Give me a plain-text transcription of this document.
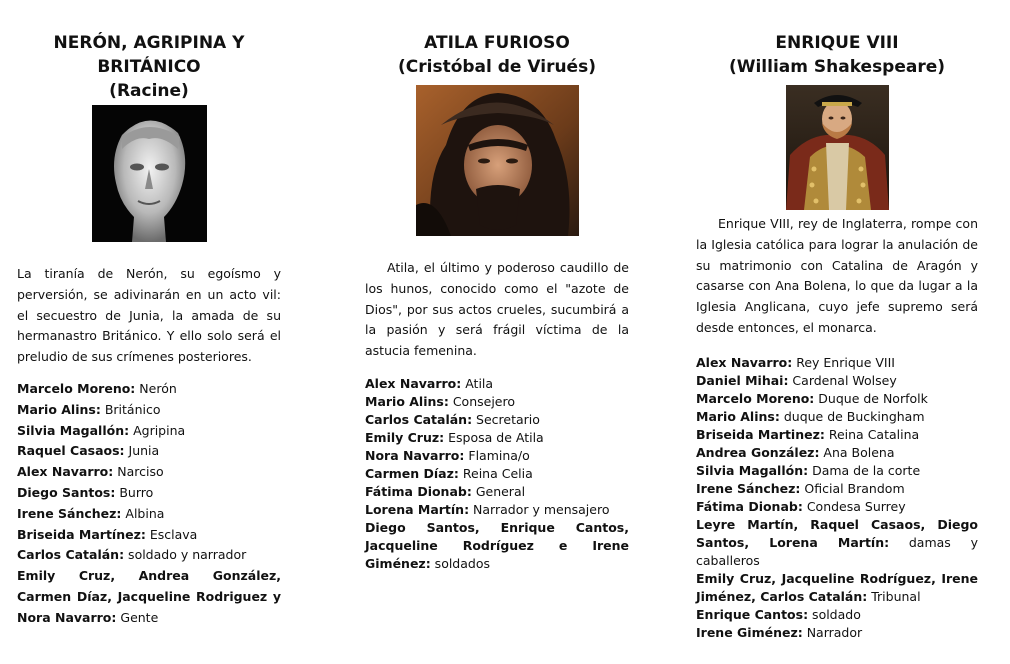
NERÓN, AGRIPINA Y
BRITÁNICO
(Racine)

La tiranía de Nerón, su egoísmo y perversión, se adivinarán en un acto vil: el secuestro de Junia, la amada de su hermanastro Británico. Y ello solo será el preludio de sus crímenes posteriores.

Marcelo Moreno: Nerón
Mario Alins: Británico
Silvia Magallón: Agripina
Raquel Casaos: Junia
Alex Navarro: Narciso
Diego Santos: Burro
Irene Sánchez: Albina
Briseida Martínez: Esclava
Carlos Catalán: soldado y narrador
Emily Cruz, Andrea González, Carmen Díaz, Jacqueline Rodriguez y Nora Navarro: Gente
ATILA FURIOSO
(Cristóbal de Virués)

Atila, el último y poderoso caudillo de los hunos, conocido como el "azote de Dios", por sus actos crueles, sucumbirá a la pasión y será frágil víctima de la astucia femenina.

Alex Navarro: Atila
Mario Alins: Consejero
Carlos Catalán: Secretario
Emily Cruz: Esposa de Atila
Nora Navarro: Flamina/o
Carmen Díaz: Reina Celia
Fátima Dionab: General
Lorena Martín: Narrador y mensajero
Diego Santos, Enrique Cantos, Jacqueline Rodríguez e Irene Giménez: soldados
ENRIQUE VIII
(William Shakespeare)

Enrique VIII, rey de Inglaterra, rompe con la Iglesia católica para lograr la anulación de su matrimonio con Catalina de Aragón y casarse con Ana Bolena, lo que da lugar a la Iglesia Anglicana, cuyo jefe supremo será desde entonces, el monarca.

Alex Navarro: Rey Enrique VIII
Daniel Mihai: Cardenal Wolsey
Marcelo Moreno: Duque de Norfolk
Mario Alins: duque de Buckingham
Briseida Martinez: Reina Catalina
Andrea González: Ana Bolena
Silvia Magallón: Dama de la corte
Irene Sánchez: Oficial Brandom
Fátima Dionab: Condesa Surrey
Leyre Martín, Raquel Casaos, Diego Santos, Lorena Martín: damas y caballeros
Emily Cruz, Jacqueline Rodríguez, Irene Jiménez, Carlos Catalán: Tribunal
Enrique Cantos: soldado
Irene Giménez: Narrador
